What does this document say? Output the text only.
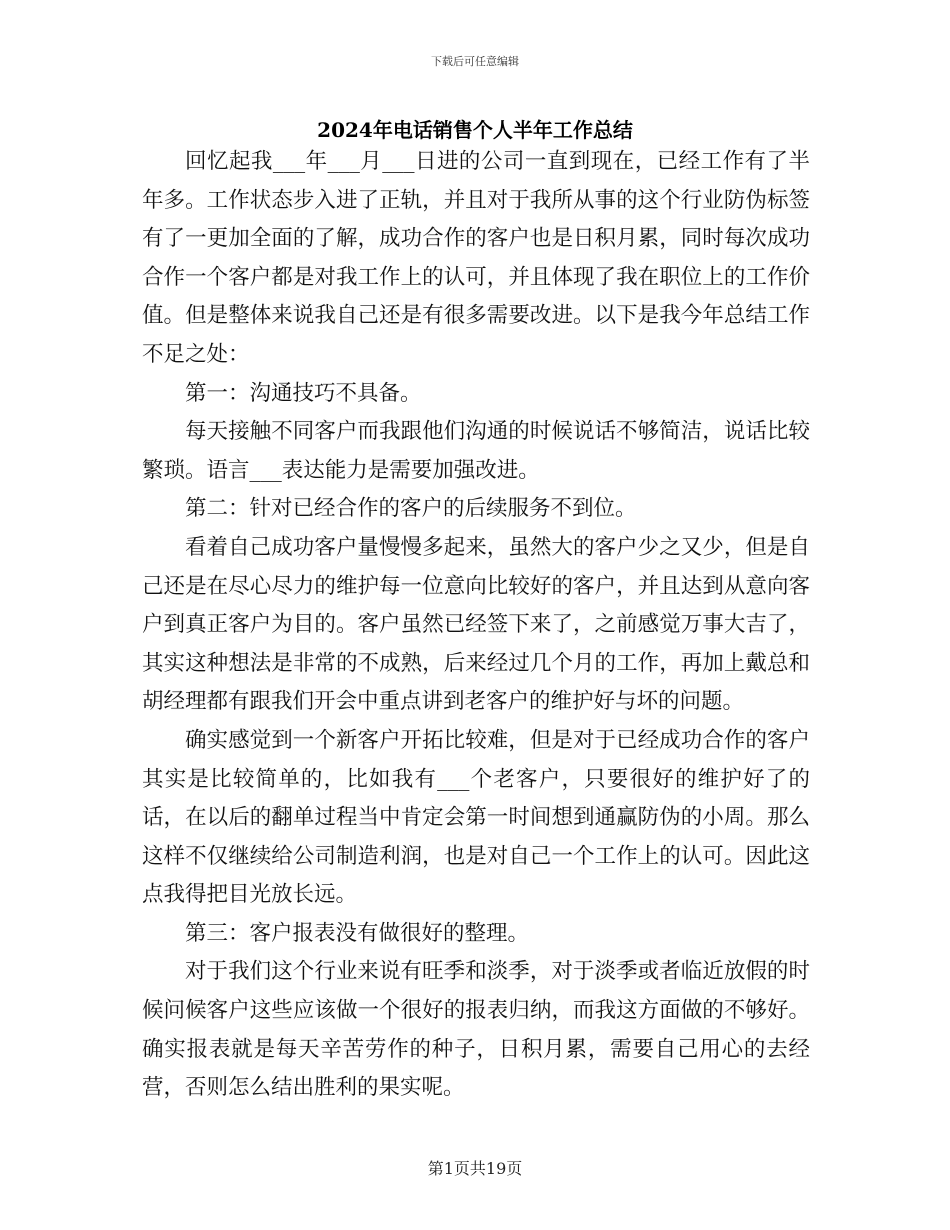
下载后可任意编辑
2024年电话销售个人半年工作总结

回忆起我___年___月___日进的公司一直到现在，已经工作有了半年多。工作状态步入进了正轨，并且对于我所从事的这个行业防伪标签有了一更加全面的了解，成功合作的客户也是日积月累，同时每次成功合作一个客户都是对我工作上的认可，并且体现了我在职位上的工作价值。但是整体来说我自己还是有很多需要改进。以下是我今年总结工作不足之处：

第一：沟通技巧不具备。

每天接触不同客户而我跟他们沟通的时候说话不够简洁，说话比较繁琐。语言___表达能力是需要加强改进。

第二：针对已经合作的客户的后续服务不到位。

看着自己成功客户量慢慢多起来，虽然大的客户少之又少，但是自己还是在尽心尽力的维护每一位意向比较好的客户，并且达到从意向客户到真正客户为目的。客户虽然已经签下来了，之前感觉万事大吉了，其实这种想法是非常的不成熟，后来经过几个月的工作，再加上戴总和胡经理都有跟我们开会中重点讲到老客户的维护好与坏的问题。

确实感觉到一个新客户开拓比较难，但是对于已经成功合作的客户其实是比较简单的，比如我有___个老客户，只要很好的维护好了的话，在以后的翻单过程当中肯定会第一时间想到通赢防伪的小周。那么这样不仅继续给公司制造利润，也是对自己一个工作上的认可。因此这点我得把目光放长远。

第三：客户报表没有做很好的整理。

对于我们这个行业来说有旺季和淡季，对于淡季或者临近放假的时候问候客户这些应该做一个很好的报表归纳，而我这方面做的不够好。确实报表就是每天辛苦劳作的种子，日积月累，需要自己用心的去经营，否则怎么结出胜利的果实呢。

第1页共19页
